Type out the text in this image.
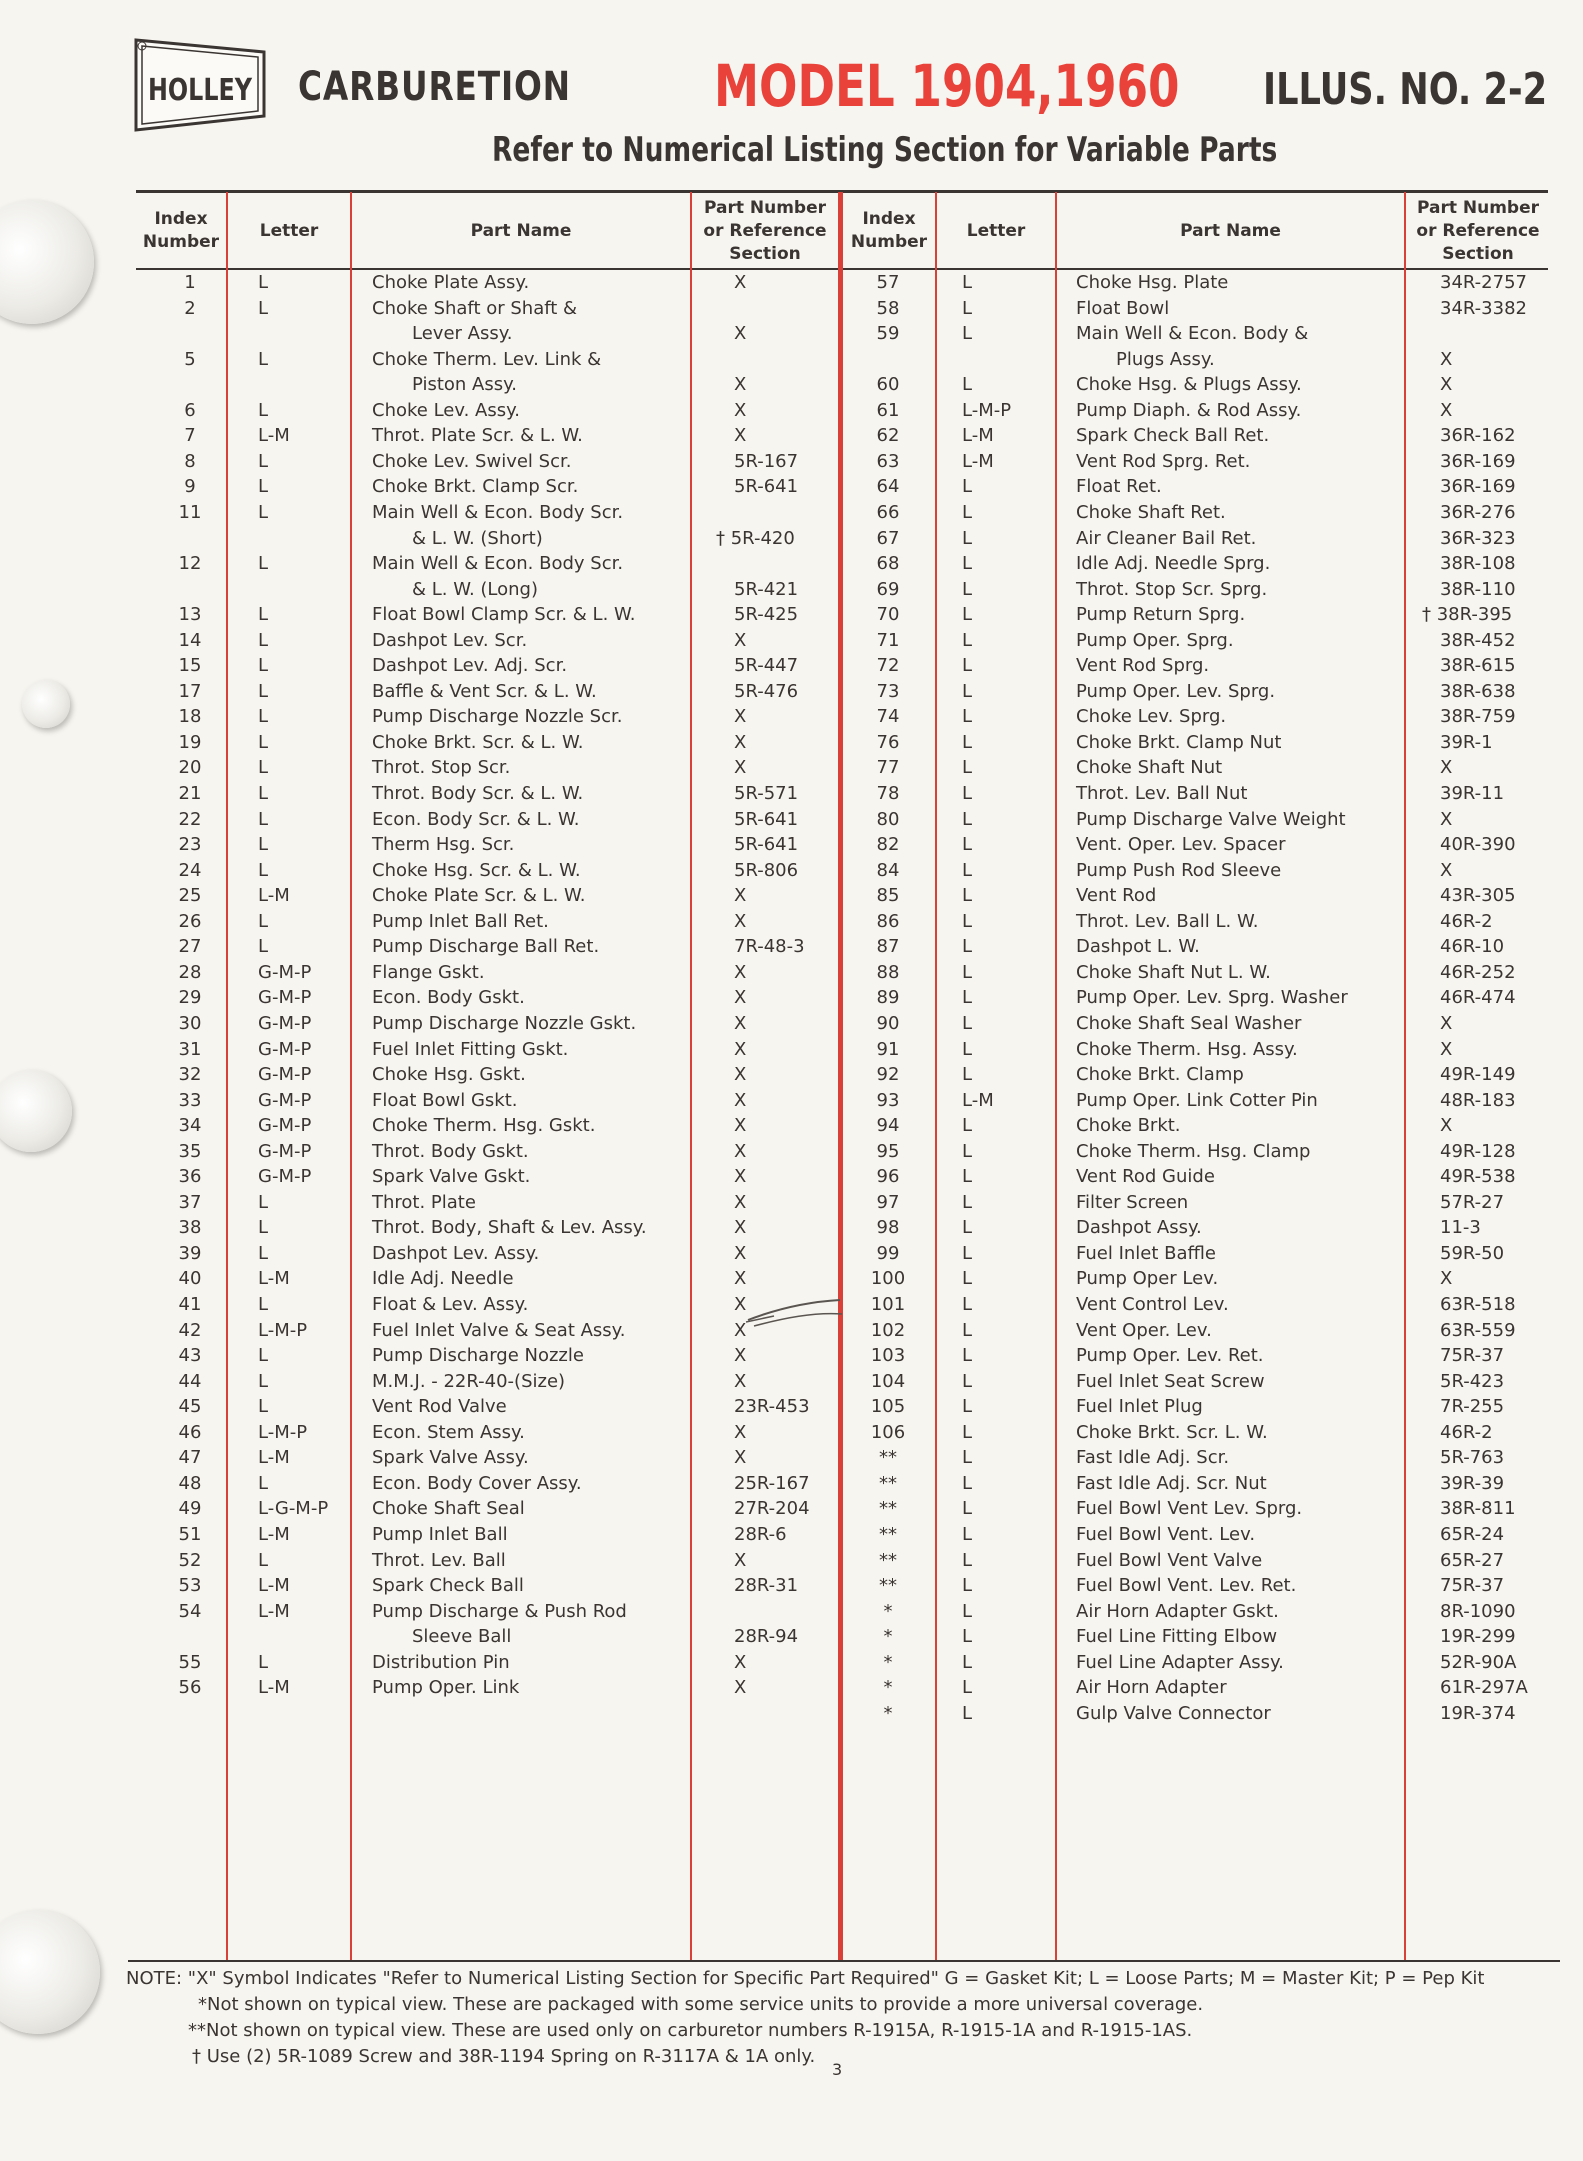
HOLLEY CARBURETION MODEL 1904,1960 ILLUS. NO. 2-2
Refer to Numerical Listing Section for Variable Parts
Index
Number
Letter	Part Name
Part Number
or Reference
Section
Index
Number
Letter	Part Name
Part Number
or Reference
Section
1	L	Choke Plate Assy.	X
2	L	Choke Shaft or Shaft &
Lever Assy.	X
5	L	Choke Therm. Lev. Link &
Piston Assy.	X
6	L	Choke Lev. Assy.	X
7	L-M	Throt. Plate Scr. & L. W.	X
8	L	Choke Lev. Swivel Scr.	5R-167
9	L	Choke Brkt. Clamp Scr.	5R-641
11	L	Main Well & Econ. Body Scr.
& L. W. (Short)	† 5R-420
12	L	Main Well & Econ. Body Scr.
& L. W. (Long)	5R-421
13	L	Float Bowl Clamp Scr. & L. W.	5R-425
14	L	Dashpot Lev. Scr.	X
15	L	Dashpot Lev. Adj. Scr.	5R-447
17	L	Baffle & Vent Scr. & L. W.	5R-476
18	L	Pump Discharge Nozzle Scr.	X
19	L	Choke Brkt. Scr. & L. W.	X
20	L	Throt. Stop Scr.	X
21	L	Throt. Body Scr. & L. W.	5R-571
22	L	Econ. Body Scr. & L. W.	5R-641
23	L	Therm Hsg. Scr.	5R-641
24	L	Choke Hsg. Scr. & L. W.	5R-806
25	L-M	Choke Plate Scr. & L. W.	X
26	L	Pump Inlet Ball Ret.	X
27	L	Pump Discharge Ball Ret.	7R-48-3
28	G-M-P	Flange Gskt.	X
29	G-M-P	Econ. Body Gskt.	X
30	G-M-P	Pump Discharge Nozzle Gskt.	X
31	G-M-P	Fuel Inlet Fitting Gskt.	X
32	G-M-P	Choke Hsg. Gskt.	X
33	G-M-P	Float Bowl Gskt.	X
34	G-M-P	Choke Therm. Hsg. Gskt.	X
35	G-M-P	Throt. Body Gskt.	X
36	G-M-P	Spark Valve Gskt.	X
37	L	Throt. Plate	X
38	L	Throt. Body, Shaft & Lev. Assy.	X
39	L	Dashpot Lev. Assy.	X
40	L-M	Idle Adj. Needle	X
41	L	Float & Lev. Assy.	X
42	L-M-P	Fuel Inlet Valve & Seat Assy.	X
43	L	Pump Discharge Nozzle	X
44	L	M.M.J. - 22R-40-(Size)	X
45	L	Vent Rod Valve	23R-453
46	L-M-P	Econ. Stem Assy.	X
47	L-M	Spark Valve Assy.	X
48	L	Econ. Body Cover Assy.	25R-167
49	L-G-M-P Choke Shaft Seal	27R-204
51	L-M	Pump Inlet Ball	28R-6
52	L	Throt. Lev. Ball	X
53	L-M	Spark Check Ball	28R-31
54	L-M	Pump Discharge & Push Rod
Sleeve Ball	28R-94
55	L	Distribution Pin	X
56	L-M	Pump Oper. Link	X
57	L	Choke Hsg. Plate	34R-2757
58	L	Float Bowl	34R-3382
59	L	Main Well & Econ. Body &
Plugs Assy.	X
60	L	Choke Hsg. & Plugs Assy.	X
61	L-M-P	Pump Diaph. & Rod Assy.	X
62	L-M	Spark Check Ball Ret.	36R-162
63	L-M	Vent Rod Sprg. Ret.	36R-169
64	L	Float Ret.	36R-169
66	L	Choke Shaft Ret.	36R-276
67	L	Air Cleaner Bail Ret.	36R-323
68	L	Idle Adj. Needle Sprg.	38R-108
69	L	Throt. Stop Scr. Sprg.	38R-110
70	L	Pump Return Sprg.	† 38R-395
71	L	Pump Oper. Sprg.	38R-452
72	L	Vent Rod Sprg.	38R-615
73	L	Pump Oper. Lev. Sprg.	38R-638
74	L	Choke Lev. Sprg.	38R-759
76	L	Choke Brkt. Clamp Nut	39R-1
77	L	Choke Shaft Nut	X
78	L	Throt. Lev. Ball Nut	39R-11
80	L	Pump Discharge Valve Weight	X
82	L	Vent. Oper. Lev. Spacer	40R-390
84	L	Pump Push Rod Sleeve	X
85	L	Vent Rod	43R-305
86	L	Throt. Lev. Ball L. W.	46R-2
87	L	Dashpot L. W.	46R-10
88	L	Choke Shaft Nut L. W.	46R-252
89	L	Pump Oper. Lev. Sprg. Washer	46R-474
90	L	Choke Shaft Seal Washer	X
91	L	Choke Therm. Hsg. Assy.	X
92	L	Choke Brkt. Clamp	49R-149
93	L-M	Pump Oper. Link Cotter Pin	48R-183
94	L	Choke Brkt.	X
95	L	Choke Therm. Hsg. Clamp	49R-128
96	L	Vent Rod Guide	49R-538
97	L	Filter Screen	57R-27
98	L	Dashpot Assy.	11-3
99	L	Fuel Inlet Baffle	59R-50
100	L	Pump Oper Lev.	X
101	L	Vent Control Lev.	63R-518
102	L	Vent Oper. Lev.	63R-559
103	L	Pump Oper. Lev. Ret.	75R-37
104	L	Fuel Inlet Seat Screw	5R-423
105	L	Fuel Inlet Plug	7R-255
106	L	Choke Brkt. Scr. L. W.	46R-2
**	L	Fast Idle Adj. Scr.	5R-763
**	L	Fast Idle Adj. Scr. Nut	39R-39
**	L	Fuel Bowl Vent Lev. Sprg.	38R-811
**	L	Fuel Bowl Vent. Lev.	65R-24
**	L	Fuel Bowl Vent Valve	65R-27
**	L	Fuel Bowl Vent. Lev. Ret.	75R-37
*	L	Air Horn Adapter Gskt.	8R-1090
*	L	Fuel Line Fitting Elbow	19R-299
*	L	Fuel Line Adapter Assy.	52R-90A
*	L	Air Horn Adapter	61R-297A
*	L	Gulp Valve Connector	19R-374
NOTE: "X" Symbol Indicates "Refer to Numerical Listing Section for Specific Part Required" G = Gasket Kit; L = Loose Parts; M = Master Kit; P = Pep Kit
*Not shown on typical view. These are packaged with some service units to provide a more universal coverage.
**Not shown on typical view. These are used only on carburetor numbers R-1915A, R-1915-1A and R-1915-1AS.
† Use (2) 5R-1089 Screw and 38R-1194 Spring on R-3117A & 1A only.
3
